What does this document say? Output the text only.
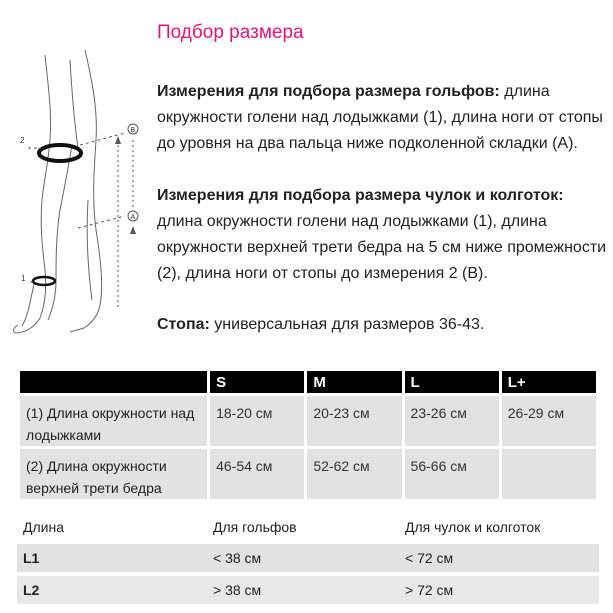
B
A
2
1
Подбор размера
Измерения для подбора размера гольфов: длина окружности голени над лодыжками (1), длина ноги от стопы до уровня на два пальца ниже подколенной складки (А).
Измерения для подбора размера чулок и колготок: длина окружности голени над лодыжками (1), длина окружности верхней трети бедра на 5 см ниже промежности (2), длина ноги от стопы до измерения 2 (В).
Стопа: универсальная для размеров 36-43.
	S	M	L	L+
(1) Длина окружности над лодыжками	18-20 см	20-23 см	23-26 см	26-29 см
(2) Длина окружности верхней трети бедра	46-54 см	52-62 см	56-66 см	
Длина	Для гольфов	Для чулок и колготок
L1	< 38 см	< 72 см
L2	> 38 см	> 72 см
